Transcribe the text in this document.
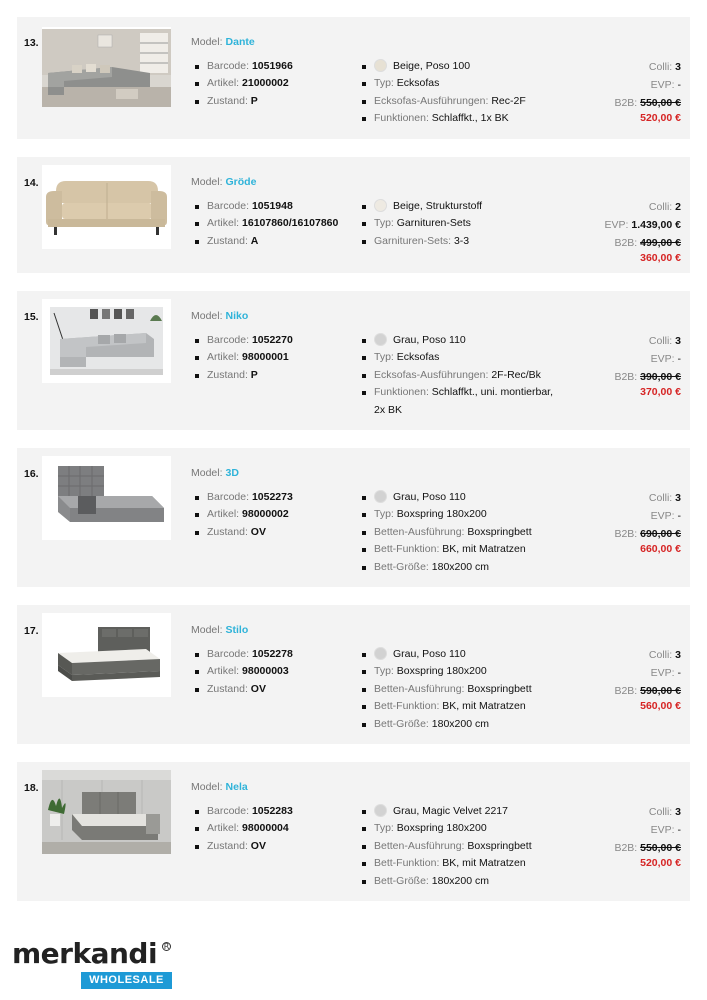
13.	Model: Dante
Barcode: 1051966
Artikel: 21000002
Zustand: P
Beige, Poso 100
Typ: Ecksofas
Ecksofas-Ausführungen: Rec-2F
Funktionen: Schlaffkt., 1x BK
Colli: 3
EVP: -
B2B: 550,00 €
520,00 €
14.	Model: Gröde
Barcode: 1051948
Artikel: 16107860/16107860
Zustand: A
Beige, Strukturstoff
Typ: Garnituren-Sets
Garnituren-Sets: 3-3
Colli: 2
EVP: 1.439,00 €
B2B: 499,00 €
360,00 €
15.	Model: Niko
Barcode: 1052270
Artikel: 98000001
Zustand: P
Grau, Poso 110
Typ: Ecksofas
Ecksofas-Ausführungen: 2F-Rec/Bk
Funktionen: Schlaffkt., uni. montierbar, 2x BK
Colli: 3
EVP: -
B2B: 390,00 €
370,00 €
16.	Model: 3D
Barcode: 1052273
Artikel: 98000002
Zustand: OV
Grau, Poso 110
Typ: Boxspring 180x200
Betten-Ausführung: Boxspringbett
Bett-Funktion: BK, mit Matratzen
Bett-Größe: 180x200 cm
Colli: 3
EVP: -
B2B: 690,00 €
660,00 €
17.	Model: Stilo
Barcode: 1052278
Artikel: 98000003
Zustand: OV
Grau, Poso 110
Typ: Boxspring 180x200
Betten-Ausführung: Boxspringbett
Bett-Funktion: BK, mit Matratzen
Bett-Größe: 180x200 cm
Colli: 3
EVP: -
B2B: 590,00 €
560,00 €
18.	Model: Nela
Barcode: 1052283
Artikel: 98000004
Zustand: OV
Grau, Magic Velvet 2217
Typ: Boxspring 180x200
Betten-Ausführung: Boxspringbett
Bett-Funktion: BK, mit Matratzen
Bett-Größe: 180x200 cm
Colli: 3
EVP: -
B2B: 550,00 €
520,00 €
merkandi R
WHOLESALE
